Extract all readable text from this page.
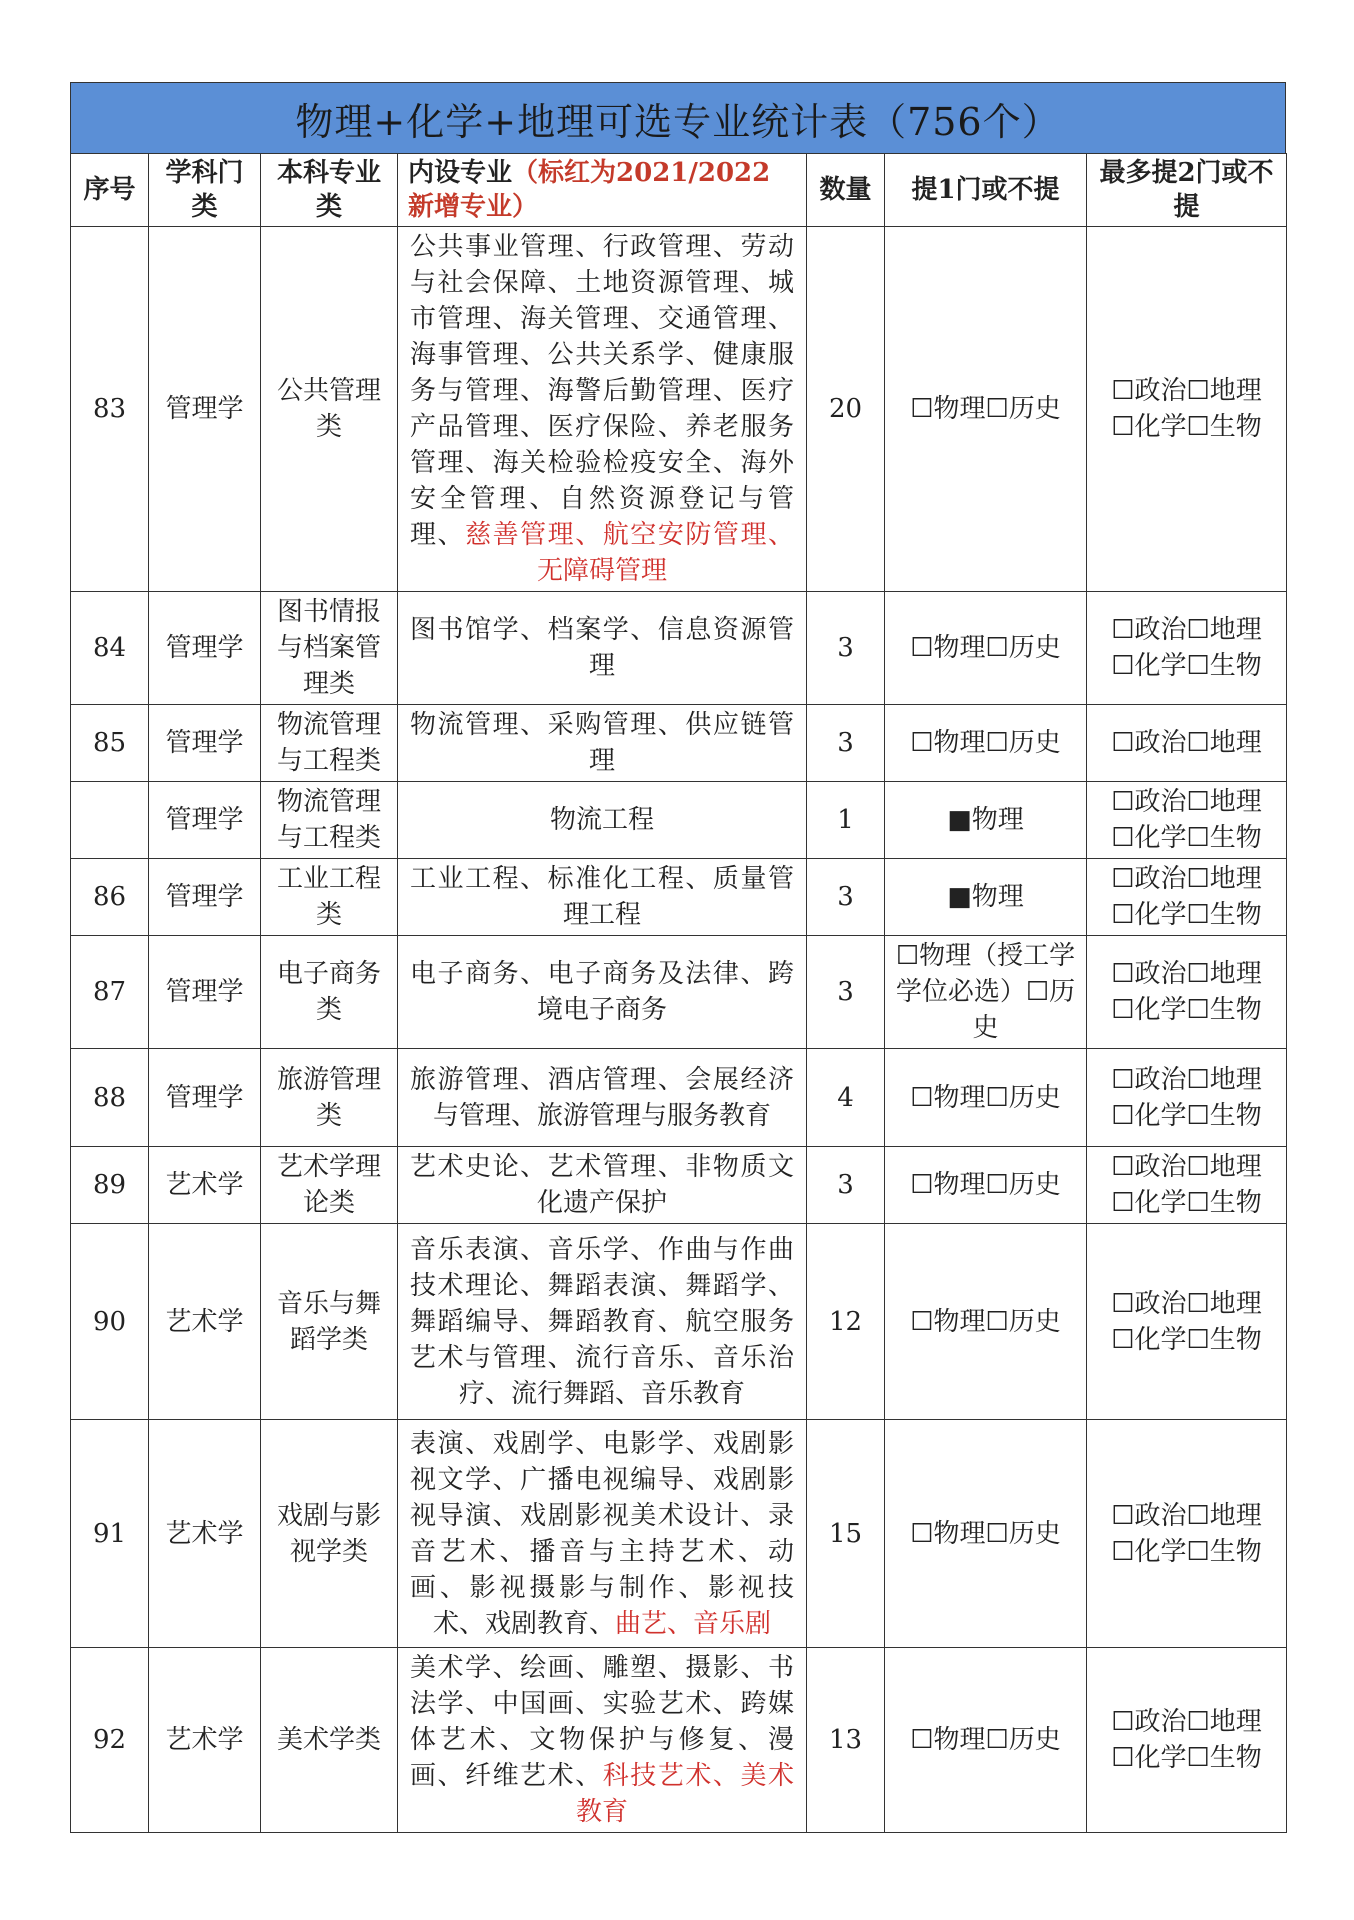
物理+化学+地理可选专业统计表（756个）
序号	学科门类	本科专业类	内设专业（标红为2021/2022新增专业）	数量	提1门或不提	最多提2门或不提
83	管理学	公共管理类	公共事业管理、行政管理、劳动与社会保障、土地资源管理、城市管理、海关管理、交通管理、海事管理、公共关系学、健康服务与管理、海警后勤管理、医疗产品管理、医疗保险、养老服务管理、海关检验检疫安全、海外安全管理、自然资源登记与管理、慈善管理、航空安防管理、无障碍管理	20	☐物理☐历史	☐政治☐地理
☐化学☐生物

84	管理学	图书情报与档案管理类	图书馆学、档案学、信息资源管理	3	☐物理☐历史	☐政治☐地理
☐化学☐生物

85	管理学	物流管理与工程类	物流管理、采购管理、供应链管理	3	☐物理☐历史	☐政治☐地理

	管理学	物流管理与工程类	物流工程	1	■物理	☐政治☐地理
☐化学☐生物

86	管理学	工业工程类	工业工程、标准化工程、质量管理工程	3	■物理	☐政治☐地理
☐化学☐生物

87	管理学	电子商务类	电子商务、电子商务及法律、跨境电子商务	3	☐物理（授工学学位必选）☐历史	☐政治☐地理
☐化学☐生物

88	管理学	旅游管理类	旅游管理、酒店管理、会展经济与管理、旅游管理与服务教育	4	☐物理☐历史	☐政治☐地理
☐化学☐生物

89	艺术学	艺术学理论类	艺术史论、艺术管理、非物质文化遗产保护	3	☐物理☐历史	☐政治☐地理
☐化学☐生物

90	艺术学	音乐与舞蹈学类	音乐表演、音乐学、作曲与作曲技术理论、舞蹈表演、舞蹈学、舞蹈编导、舞蹈教育、航空服务艺术与管理、流行音乐、音乐治疗、流行舞蹈、音乐教育	12	☐物理☐历史	☐政治☐地理
☐化学☐生物

91	艺术学	戏剧与影视学类	表演、戏剧学、电影学、戏剧影视文学、广播电视编导、戏剧影视导演、戏剧影视美术设计、录音艺术、播音与主持艺术、动画、影视摄影与制作、影视技术、戏剧教育、曲艺、音乐剧	15	☐物理☐历史	☐政治☐地理
☐化学☐生物

92	艺术学	美术学类	美术学、绘画、雕塑、摄影、书法学、中国画、实验艺术、跨媒体艺术、文物保护与修复、漫画、纤维艺术、科技艺术、美术教育	13	☐物理☐历史	☐政治☐地理
☐化学☐生物
